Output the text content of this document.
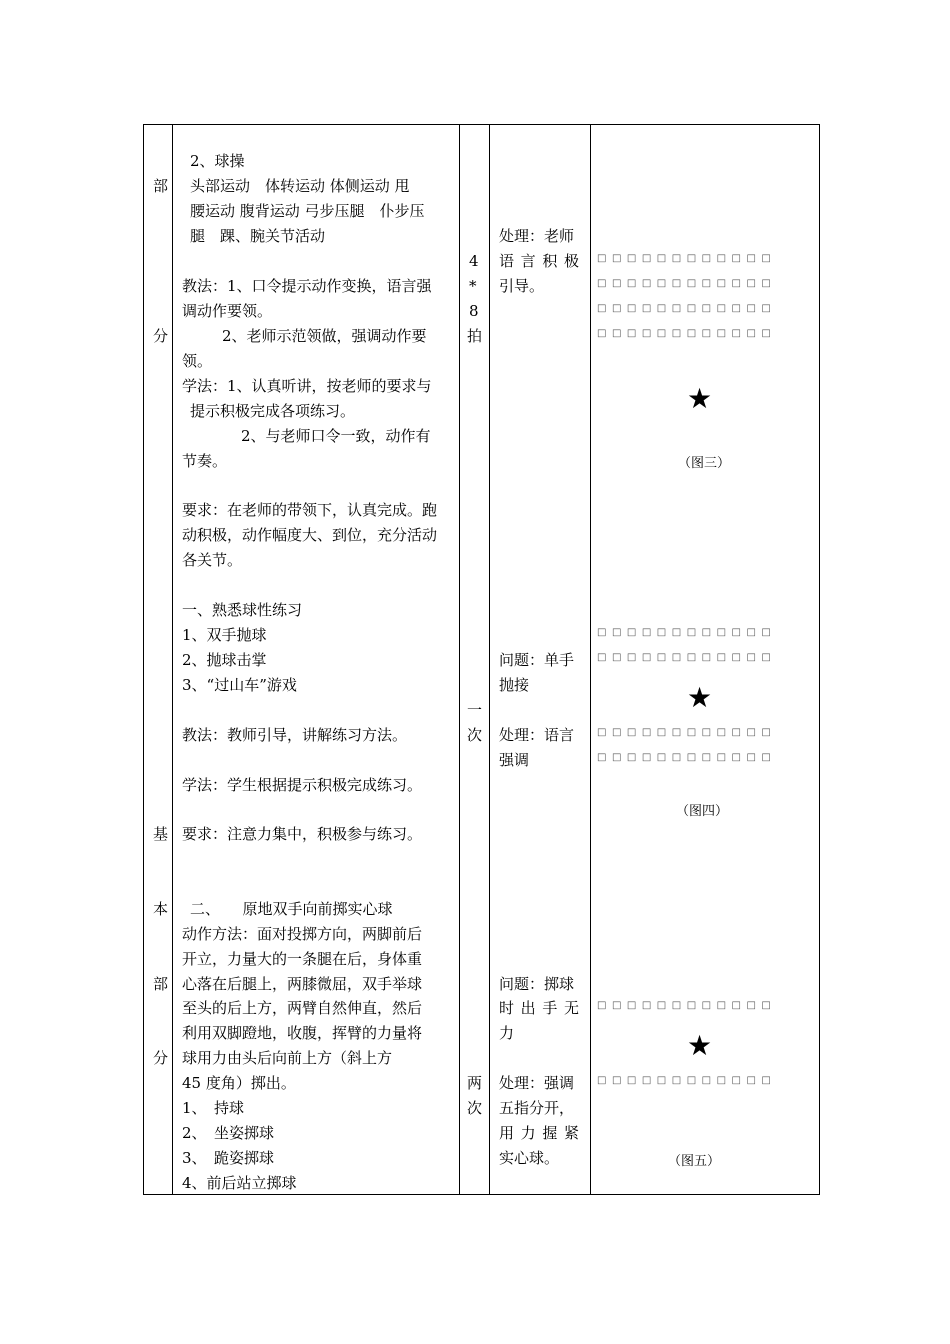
部
分
基
本
部
分
2、球操
头部运动　体转运动 体侧运动 甩
腰运动 腹背运动 弓步压腿　仆步压
腿　踝、腕关节活动
教法：1、口令提示动作变换，语言强
调动作要领。
2、老师示范领做，强调动作要
领。
学法：1、认真听讲，按老师的要求与
提示积极完成各项练习。
2、与老师口令一致，动作有
节奏。
要求：在老师的带领下，认真完成。跑
动积极，动作幅度大、到位，充分活动
各关节。
一、熟悉球性练习
1、双手抛球
2、抛球击掌
3、“过山车”游戏
教法：教师引导，讲解练习方法。
学法：学生根据提示积极完成练习。
要求：注意力集中，积极参与练习。
二、　　原地双手向前掷实心球
动作方法：面对投掷方向，两脚前后
开立，力量大的一条腿在后，身体重
心落在后腿上，两膝微屈，双手举球
至头的后上方，两臂自然伸直，然后
利用双脚蹬地，收腹，挥臂的力量将
球用力由头后向前上方（斜上方
45 度角）掷出。
1、　持球
2、　坐姿掷球
3、　跪姿掷球
4、前后站立掷球
4
*
8
拍
一
次
两
次
处理：老师
语 言 积 极
引导。
问题：单手
抛接
处理：语言
强调
问题：掷球
时 出 手 无
力
处理：强调
五指分开，
用 力 握 紧
实心球。
□□□□□□□□□□□□
□□□□□□□□□□□□
□□□□□□□□□□□□
□□□□□□□□□□□□
★
（图三）
□□□□□□□□□□□□
□□□□□□□□□□□□
★
□□□□□□□□□□□□
□□□□□□□□□□□□
（图四）
□□□□□□□□□□□□
★
□□□□□□□□□□□□
（图五）
